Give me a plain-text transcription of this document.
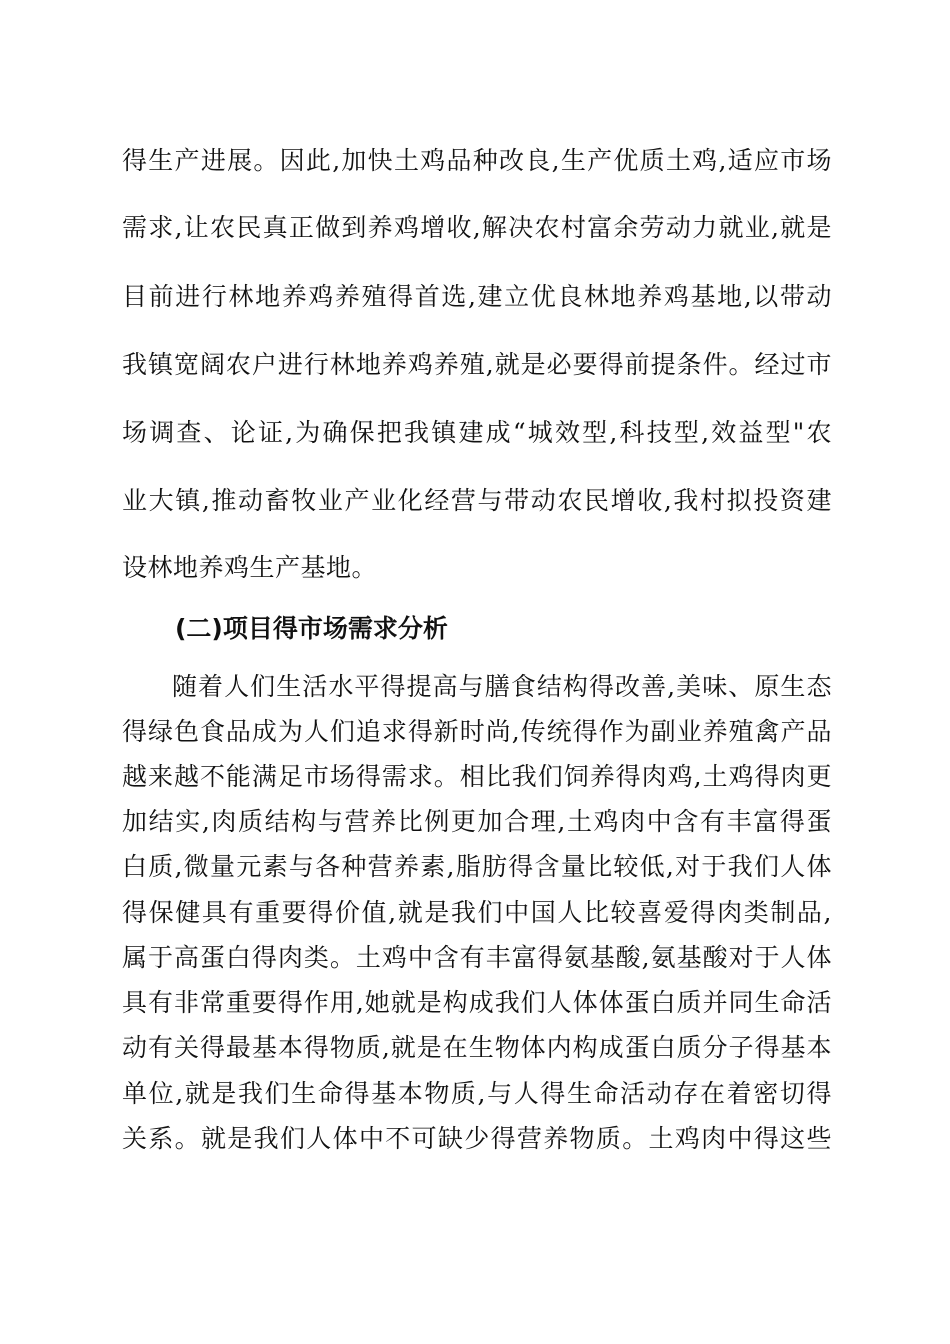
得生产进展。因此,加快土鸡品种改良,生产优质土鸡,适应市场
需求,让农民真正做到养鸡增收,解决农村富余劳动力就业,就是
目前进行林地养鸡养殖得首选,建立优良林地养鸡基地,以带动
我镇宽阔农户进行林地养鸡养殖,就是必要得前提条件。经过市
场调查、论证,为确保把我镇建成“城效型,科技型,效益型"农
业大镇,推动畜牧业产业化经营与带动农民增收,我村拟投资建
设林地养鸡生产基地。
(二)项目得市场需求分析
随着人们生活水平得提高与膳食结构得改善,美味、原生态
得绿色食品成为人们追求得新时尚,传统得作为副业养殖禽产品
越来越不能满足市场得需求。相比我们饲养得肉鸡,土鸡得肉更
加结实,肉质结构与营养比例更加合理,土鸡肉中含有丰富得蛋
白质,微量元素与各种营养素,脂肪得含量比较低,对于我们人体
得保健具有重要得价值,就是我们中国人比较喜爱得肉类制品,
属于高蛋白得肉类。土鸡中含有丰富得氨基酸,氨基酸对于人体
具有非常重要得作用,她就是构成我们人体体蛋白质并同生命活
动有关得最基本得物质,就是在生物体内构成蛋白质分子得基本
单位,就是我们生命得基本物质,与人得生命活动存在着密切得
关系。就是我们人体中不可缺少得营养物质。土鸡肉中得这些
